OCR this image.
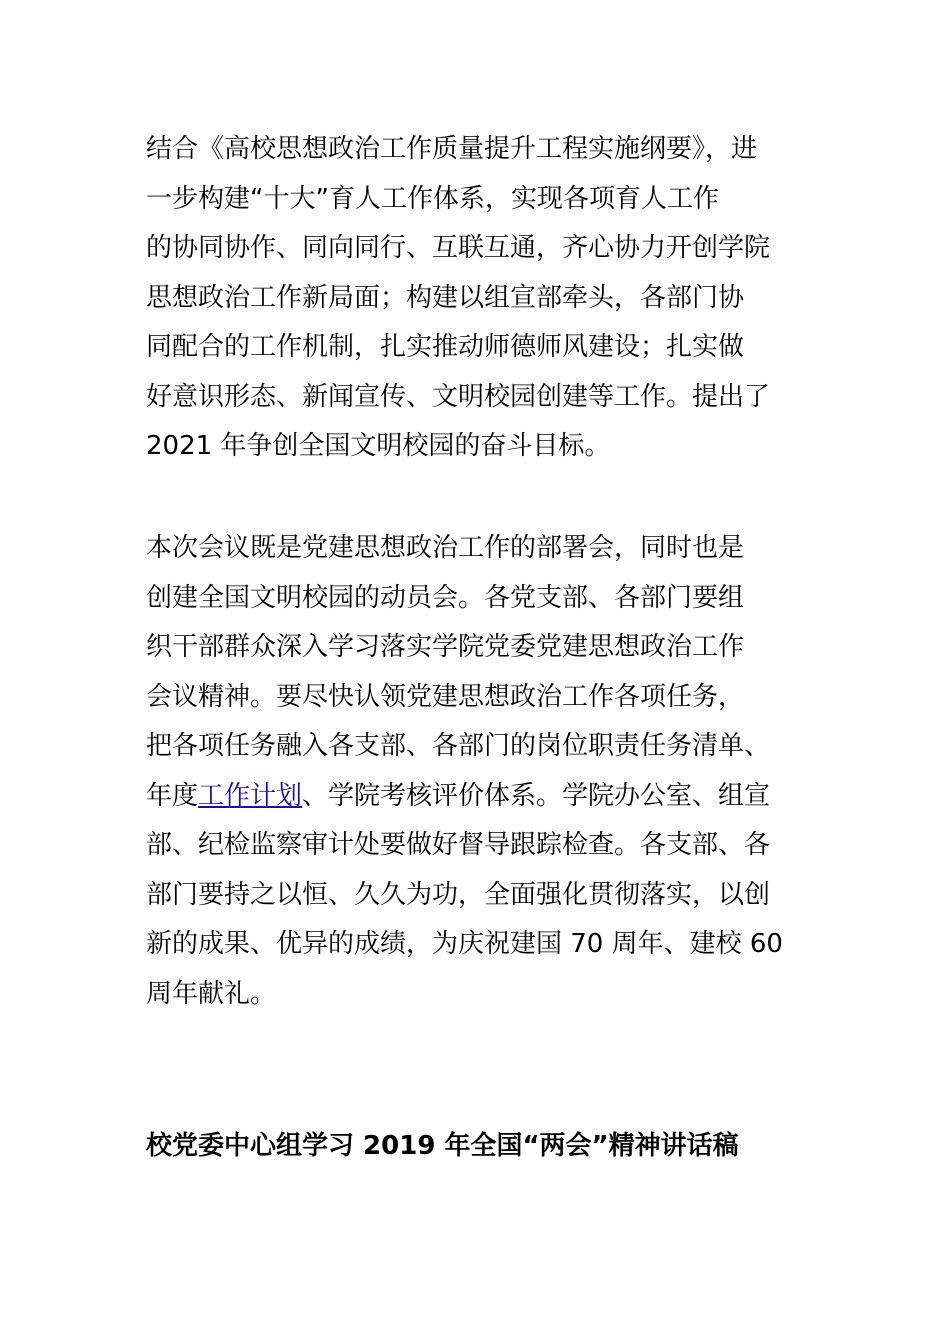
结合《高校思想政治工作质量提升工程实施纲要》，进
一步构建“十大”育人工作体系，实现各项育人工作
的协同协作、同向同行、互联互通，齐心协力开创学院
思想政治工作新局面；构建以组宣部牵头，各部门协
同配合的工作机制，扎实推动师德师风建设；扎实做
好意识形态、新闻宣传、文明校园创建等工作。提出了
2021 年争创全国文明校园的奋斗目标。
本次会议既是党建思想政治工作的部署会，同时也是
创建全国文明校园的动员会。各党支部、各部门要组
织干部群众深入学习落实学院党委党建思想政治工作
会议精神。要尽快认领党建思想政治工作各项任务，
把各项任务融入各支部、各部门的岗位职责任务清单、
年度工作计划、学院考核评价体系。学院办公室、组宣
部、纪检监察审计处要做好督导跟踪检查。各支部、各
部门要持之以恒、久久为功，全面强化贯彻落实，以创
新的成果、优异的成绩，为庆祝建国 70 周年、建校 60
周年献礼。
校党委中心组学习 2019 年全国“两会”精神讲话稿
